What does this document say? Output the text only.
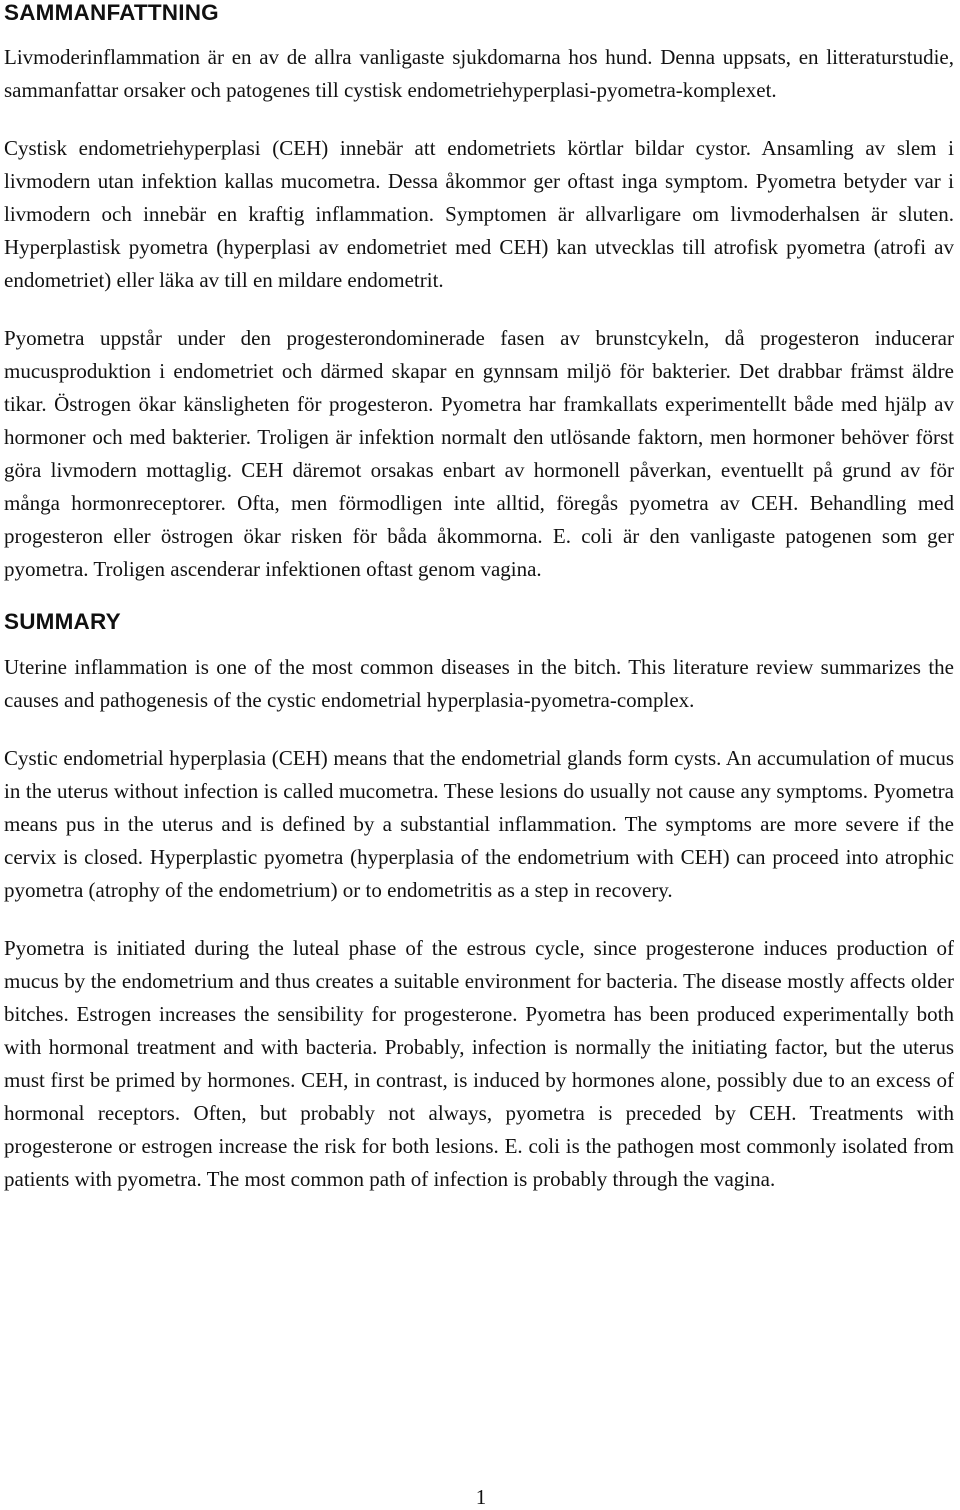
SAMMANFATTNING

Livmoderinflammation är en av de allra vanligaste sjukdomarna hos hund. Denna uppsats, en litteraturstudie, sammanfattar orsaker och patogenes till cystisk endometriehyperplasi-pyometra-komplexet.

Cystisk endometriehyperplasi (CEH) innebär att endometriets körtlar bildar cystor. Ansamling av slem i livmodern utan infektion kallas mucometra. Dessa åkommor ger oftast inga symptom. Pyometra betyder var i livmodern och innebär en kraftig inflammation. Symptomen är allvarligare om livmoderhalsen är sluten. Hyperplastisk pyometra (hyperplasi av endometriet med CEH) kan utvecklas till atrofisk pyometra (atrofi av endometriet) eller läka av till en mildare endometrit.

Pyometra uppstår under den progesterondominerade fasen av brunstcykeln, då progesteron inducerar mucusproduktion i endometriet och därmed skapar en gynnsam miljö för bakterier. Det drabbar främst äldre tikar. Östrogen ökar känsligheten för progesteron. Pyometra har framkallats experimentellt både med hjälp av hormoner och med bakterier. Troligen är infektion normalt den utlösande faktorn, men hormoner behöver först göra livmodern mottaglig. CEH däremot orsakas enbart av hormonell påverkan, eventuellt på grund av för många hormonreceptorer. Ofta, men förmodligen inte alltid, föregås pyometra av CEH. Behandling med progesteron eller östrogen ökar risken för båda åkommorna. E. coli är den vanligaste patogenen som ger pyometra. Troligen ascenderar infektionen oftast genom vagina.

SUMMARY

Uterine inflammation is one of the most common diseases in the bitch. This literature review summarizes the causes and pathogenesis of the cystic endometrial hyperplasia-pyometra-complex.

Cystic endometrial hyperplasia (CEH) means that the endometrial glands form cysts. An accumulation of mucus in the uterus without infection is called mucometra. These lesions do usually not cause any symptoms. Pyometra means pus in the uterus and is defined by a substantial inflammation. The symptoms are more severe if the cervix is closed. Hyperplastic pyometra (hyperplasia of the endometrium with CEH) can proceed into atrophic pyometra (atrophy of the endometrium) or to endometritis as a step in recovery.

Pyometra is initiated during the luteal phase of the estrous cycle, since progesterone induces production of mucus by the endometrium and thus creates a suitable environment for bacteria. The disease mostly affects older bitches. Estrogen increases the sensibility for progesterone. Pyometra has been produced experimentally both with hormonal treatment and with bacteria. Probably, infection is normally the initiating factor, but the uterus must first be primed by hormones. CEH, in contrast, is induced by hormones alone, possibly due to an excess of hormonal receptors. Often, but probably not always, pyometra is preceded by CEH. Treatments with progesterone or estrogen increase the risk for both lesions. E. coli is the pathogen most commonly isolated from patients with pyometra. The most common path of infection is probably through the vagina.

1
